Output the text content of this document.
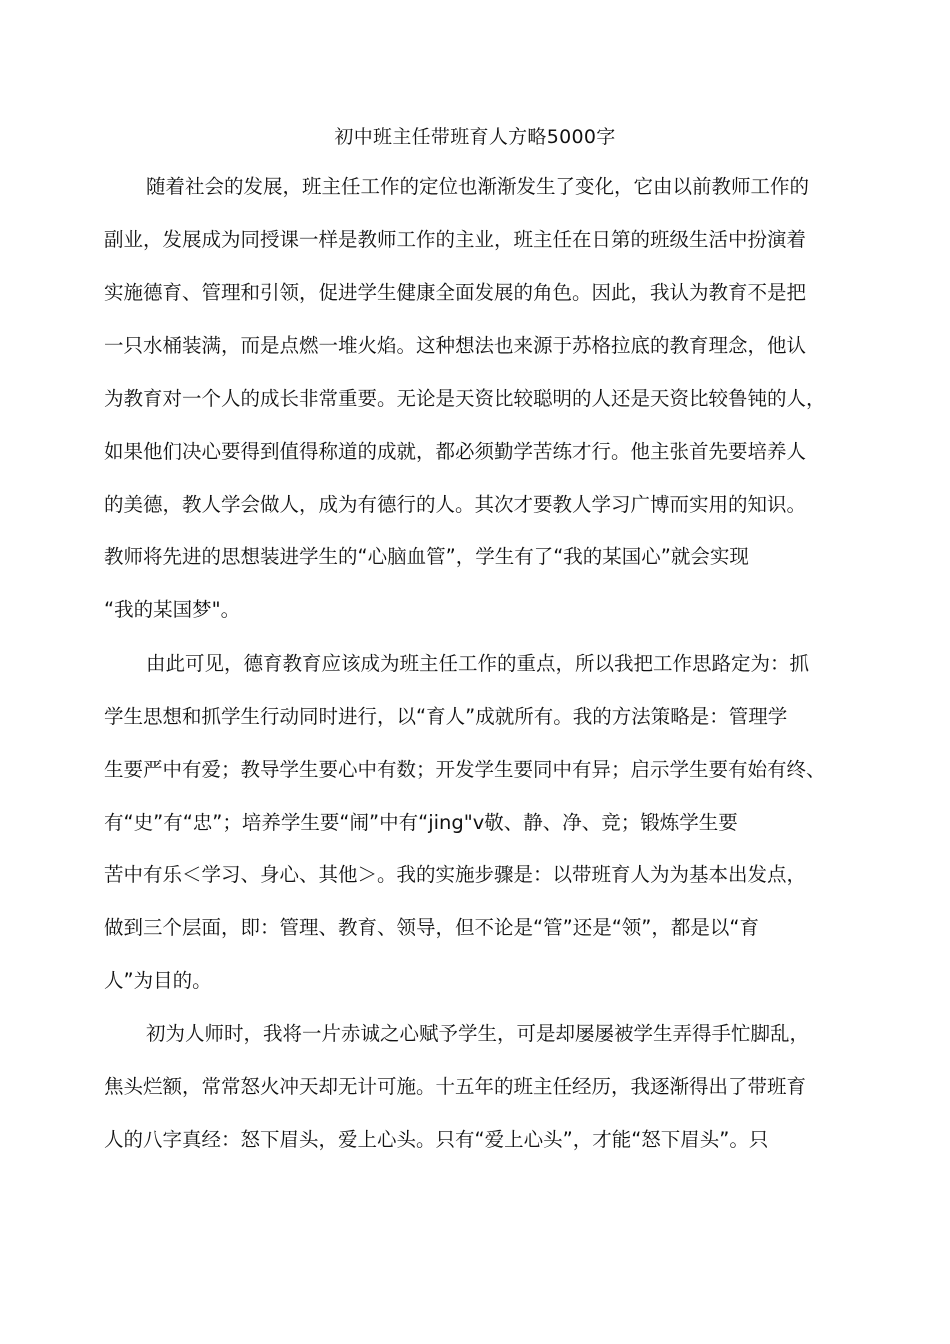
初中班主任带班育人方略5000字
随着社会的发展，班主任工作的定位也渐渐发生了变化，它由以前教师工作的
副业，发展成为同授课一样是教师工作的主业，班主任在日第的班级生活中扮演着
实施德育、管理和引领，促进学生健康全面发展的角色。因此，我认为教育不是把
一只水桶装满，而是点燃一堆火焰。这种想法也来源于苏格拉底的教育理念，他认
为教育对一个人的成长非常重要。无论是天资比较聪明的人还是天资比较鲁钝的人，
如果他们决心要得到值得称道的成就，都必须勤学苦练才行。他主张首先要培养人
的美德，教人学会做人，成为有德行的人。其次才要教人学习广博而实用的知识。
教师将先进的思想装进学生的“心脑血管”，学生有了“我的某国心”就会实现
“我的某国梦"。
由此可见，德育教育应该成为班主任工作的重点，所以我把工作思路定为：抓
学生思想和抓学生行动同时进行，以“育人”成就所有。我的方法策略是：管理学
生要严中有爱；教导学生要心中有数；开发学生要同中有异；启示学生要有始有终、
有“史”有“忠”；培养学生要“闹”中有“jing"v敬、静、净、竞；锻炼学生要
苦中有乐＜学习、身心、其他＞。我的实施步骤是：以带班育人为为基本出发点，
做到三个层面，即：管理、教育、领导，但不论是“管”还是“领”，都是以“育
人”为目的。
初为人师时，我将一片赤诚之心赋予学生，可是却屡屡被学生弄得手忙脚乱，
焦头烂额，常常怒火冲天却无计可施。十五年的班主任经历，我逐渐得出了带班育
人的八字真经：怒下眉头，爱上心头。只有“爱上心头”，才能“怒下眉头”。只
